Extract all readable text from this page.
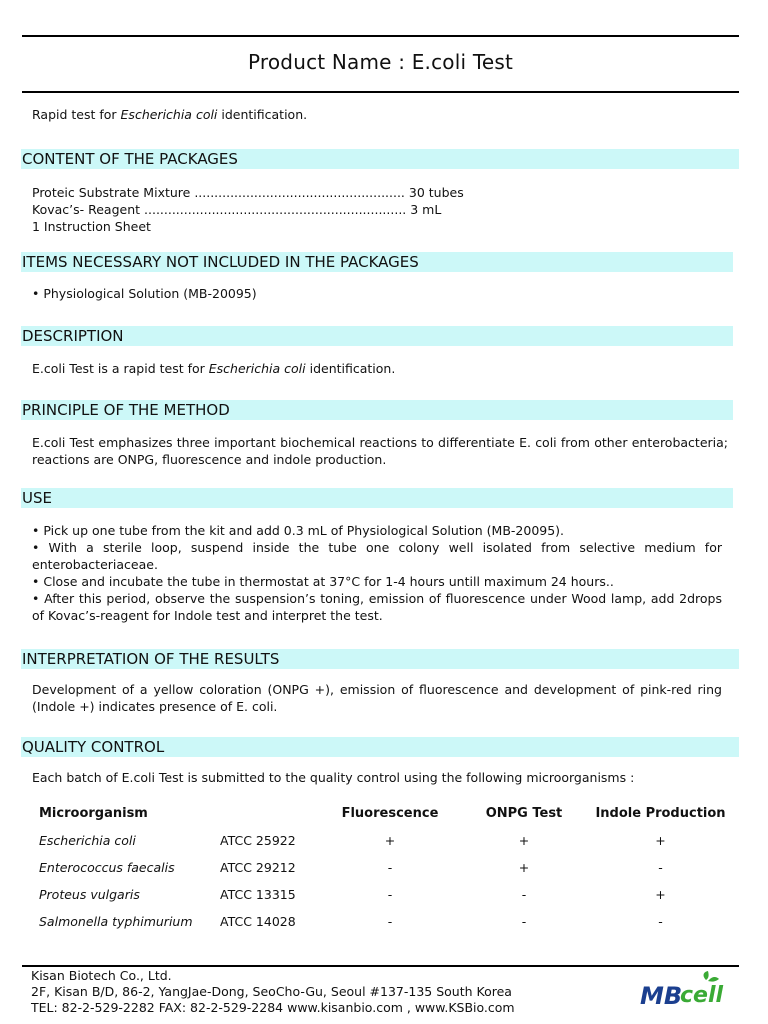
Product Name : E.coli Test
Rapid test for Escherichia coli identification.
CONTENT OF THE PACKAGES
Proteic Substrate Mixture ..................................................... 30 tubes
Kovac’s- Reagent .................................................................. 3 mL
1 Instruction Sheet
ITEMS NECESSARY NOT INCLUDED IN THE PACKAGES
• Physiological Solution (MB-20095)
DESCRIPTION
E.coli Test is a rapid test for Escherichia coli identification.
PRINCIPLE OF THE METHOD
E.coli Test emphasizes three important biochemical reactions to differentiate E. coli from other enterobacteria; reactions are ONPG, fluorescence and indole production.
USE
• Pick up one tube from the kit and add 0.3 mL of Physiological Solution (MB-20095).
• With a sterile loop, suspend inside the tube one colony well isolated from selective medium for enterobacteriaceae.
• Close and incubate the tube in thermostat at 37°C for 1-4 hours untill maximum 24 hours..
• After this period, observe the suspension’s toning, emission of fluorescence under Wood lamp, add 2drops of Kovac’s-reagent for Indole test and interpret the test.
INTERPRETATION OF THE RESULTS
Development of a yellow coloration (ONPG +), emission of fluorescence and development of pink-red ring (Indole +) indicates presence of E. coli.
QUALITY CONTROL
Each batch of E.coli Test is submitted to the quality control using the following microorganisms :
Microorganism		Fluorescence	ONPG Test	Indole Production
Escherichia coli	ATCC 25922	+	+	+
Enterococcus faecalis	ATCC 29212	-	+	-
Proteus vulgaris	ATCC 13315	-	-	+
Salmonella typhimurium	ATCC 14028	-	-	-
Kisan Biotech Co., Ltd.
2F, Kisan B/D, 86-2, YangJae-Dong, SeoCho-Gu, Seoul #137-135 South Korea
TEL: 82-2-529-2282 FAX: 82-2-529-2284 www.kisanbio.com , www.KSBio.com	MB
cell
